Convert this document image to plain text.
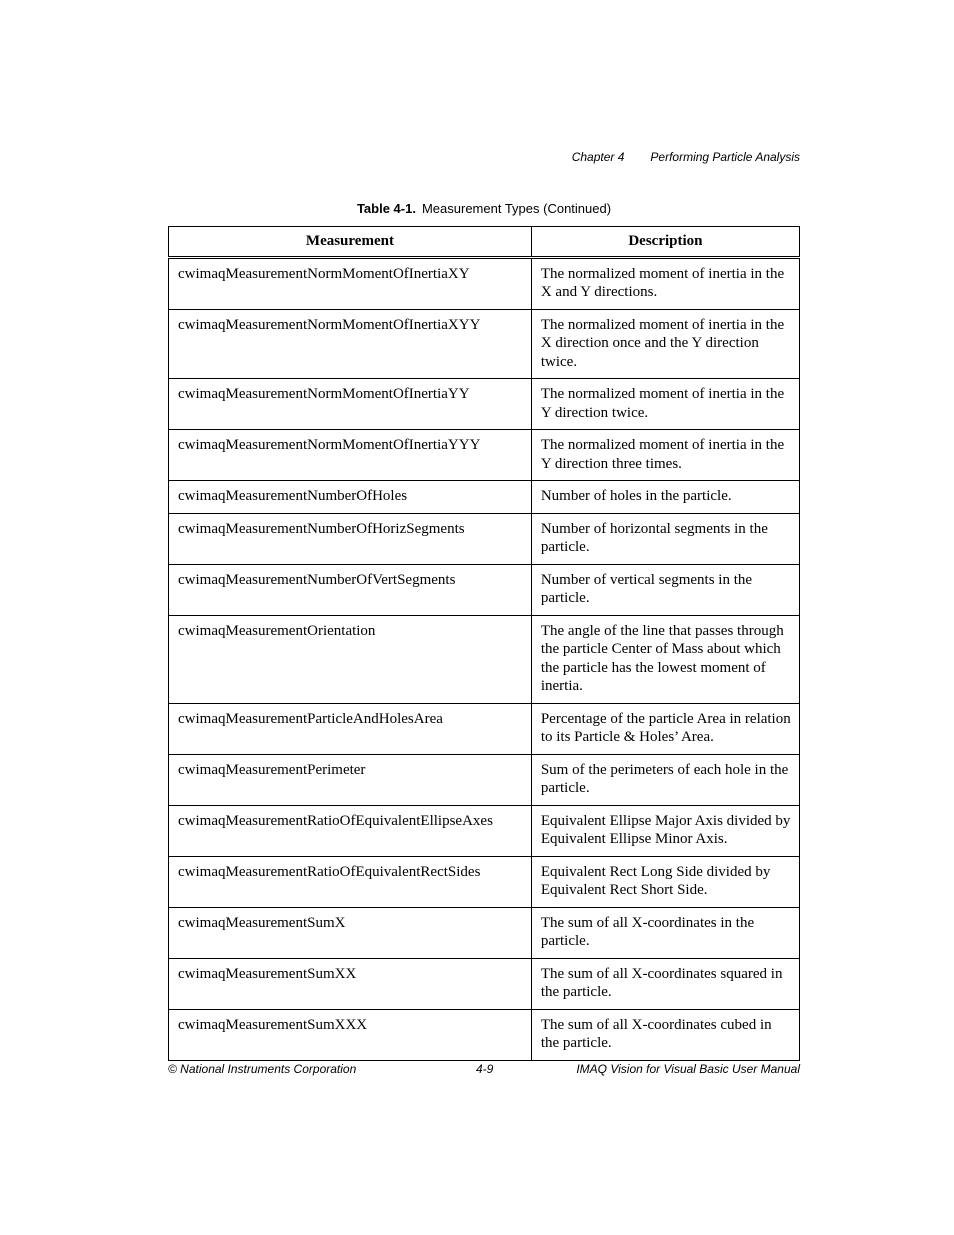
Chapter 4 Performing Particle Analysis
Table 4-1. Measurement Types (Continued)
Measurement	Description
cwimaqMeasurementNormMomentOfInertiaXY	The normalized moment of inertia in the X and Y directions.
cwimaqMeasurementNormMomentOfInertiaXYY	The normalized moment of inertia in the X direction once and the Y direction twice.
cwimaqMeasurementNormMomentOfInertiaYY	The normalized moment of inertia in the Y direction twice.
cwimaqMeasurementNormMomentOfInertiaYYY	The normalized moment of inertia in the Y direction three times.
cwimaqMeasurementNumberOfHoles	Number of holes in the particle.
cwimaqMeasurementNumberOfHorizSegments	Number of horizontal segments in the particle.
cwimaqMeasurementNumberOfVertSegments	Number of vertical segments in the particle.
cwimaqMeasurementOrientation	The angle of the line that passes through the particle Center of Mass about which the particle has the lowest moment of inertia.
cwimaqMeasurementParticleAndHolesArea	Percentage of the particle Area in relation to its Particle & Holes’ Area.
cwimaqMeasurementPerimeter	Sum of the perimeters of each hole in the particle.
cwimaqMeasurementRatioOfEquivalentEllipseAxes	Equivalent Ellipse Major Axis divided by Equivalent Ellipse Minor Axis.
cwimaqMeasurementRatioOfEquivalentRectSides	Equivalent Rect Long Side divided by Equivalent Rect Short Side.
cwimaqMeasurementSumX	The sum of all X-coordinates in the particle.
cwimaqMeasurementSumXX	The sum of all X-coordinates squared in the particle.
cwimaqMeasurementSumXXX	The sum of all X-coordinates cubed in the particle.
© National Instruments Corporation	4-9	IMAQ Vision for Visual Basic User Manual
